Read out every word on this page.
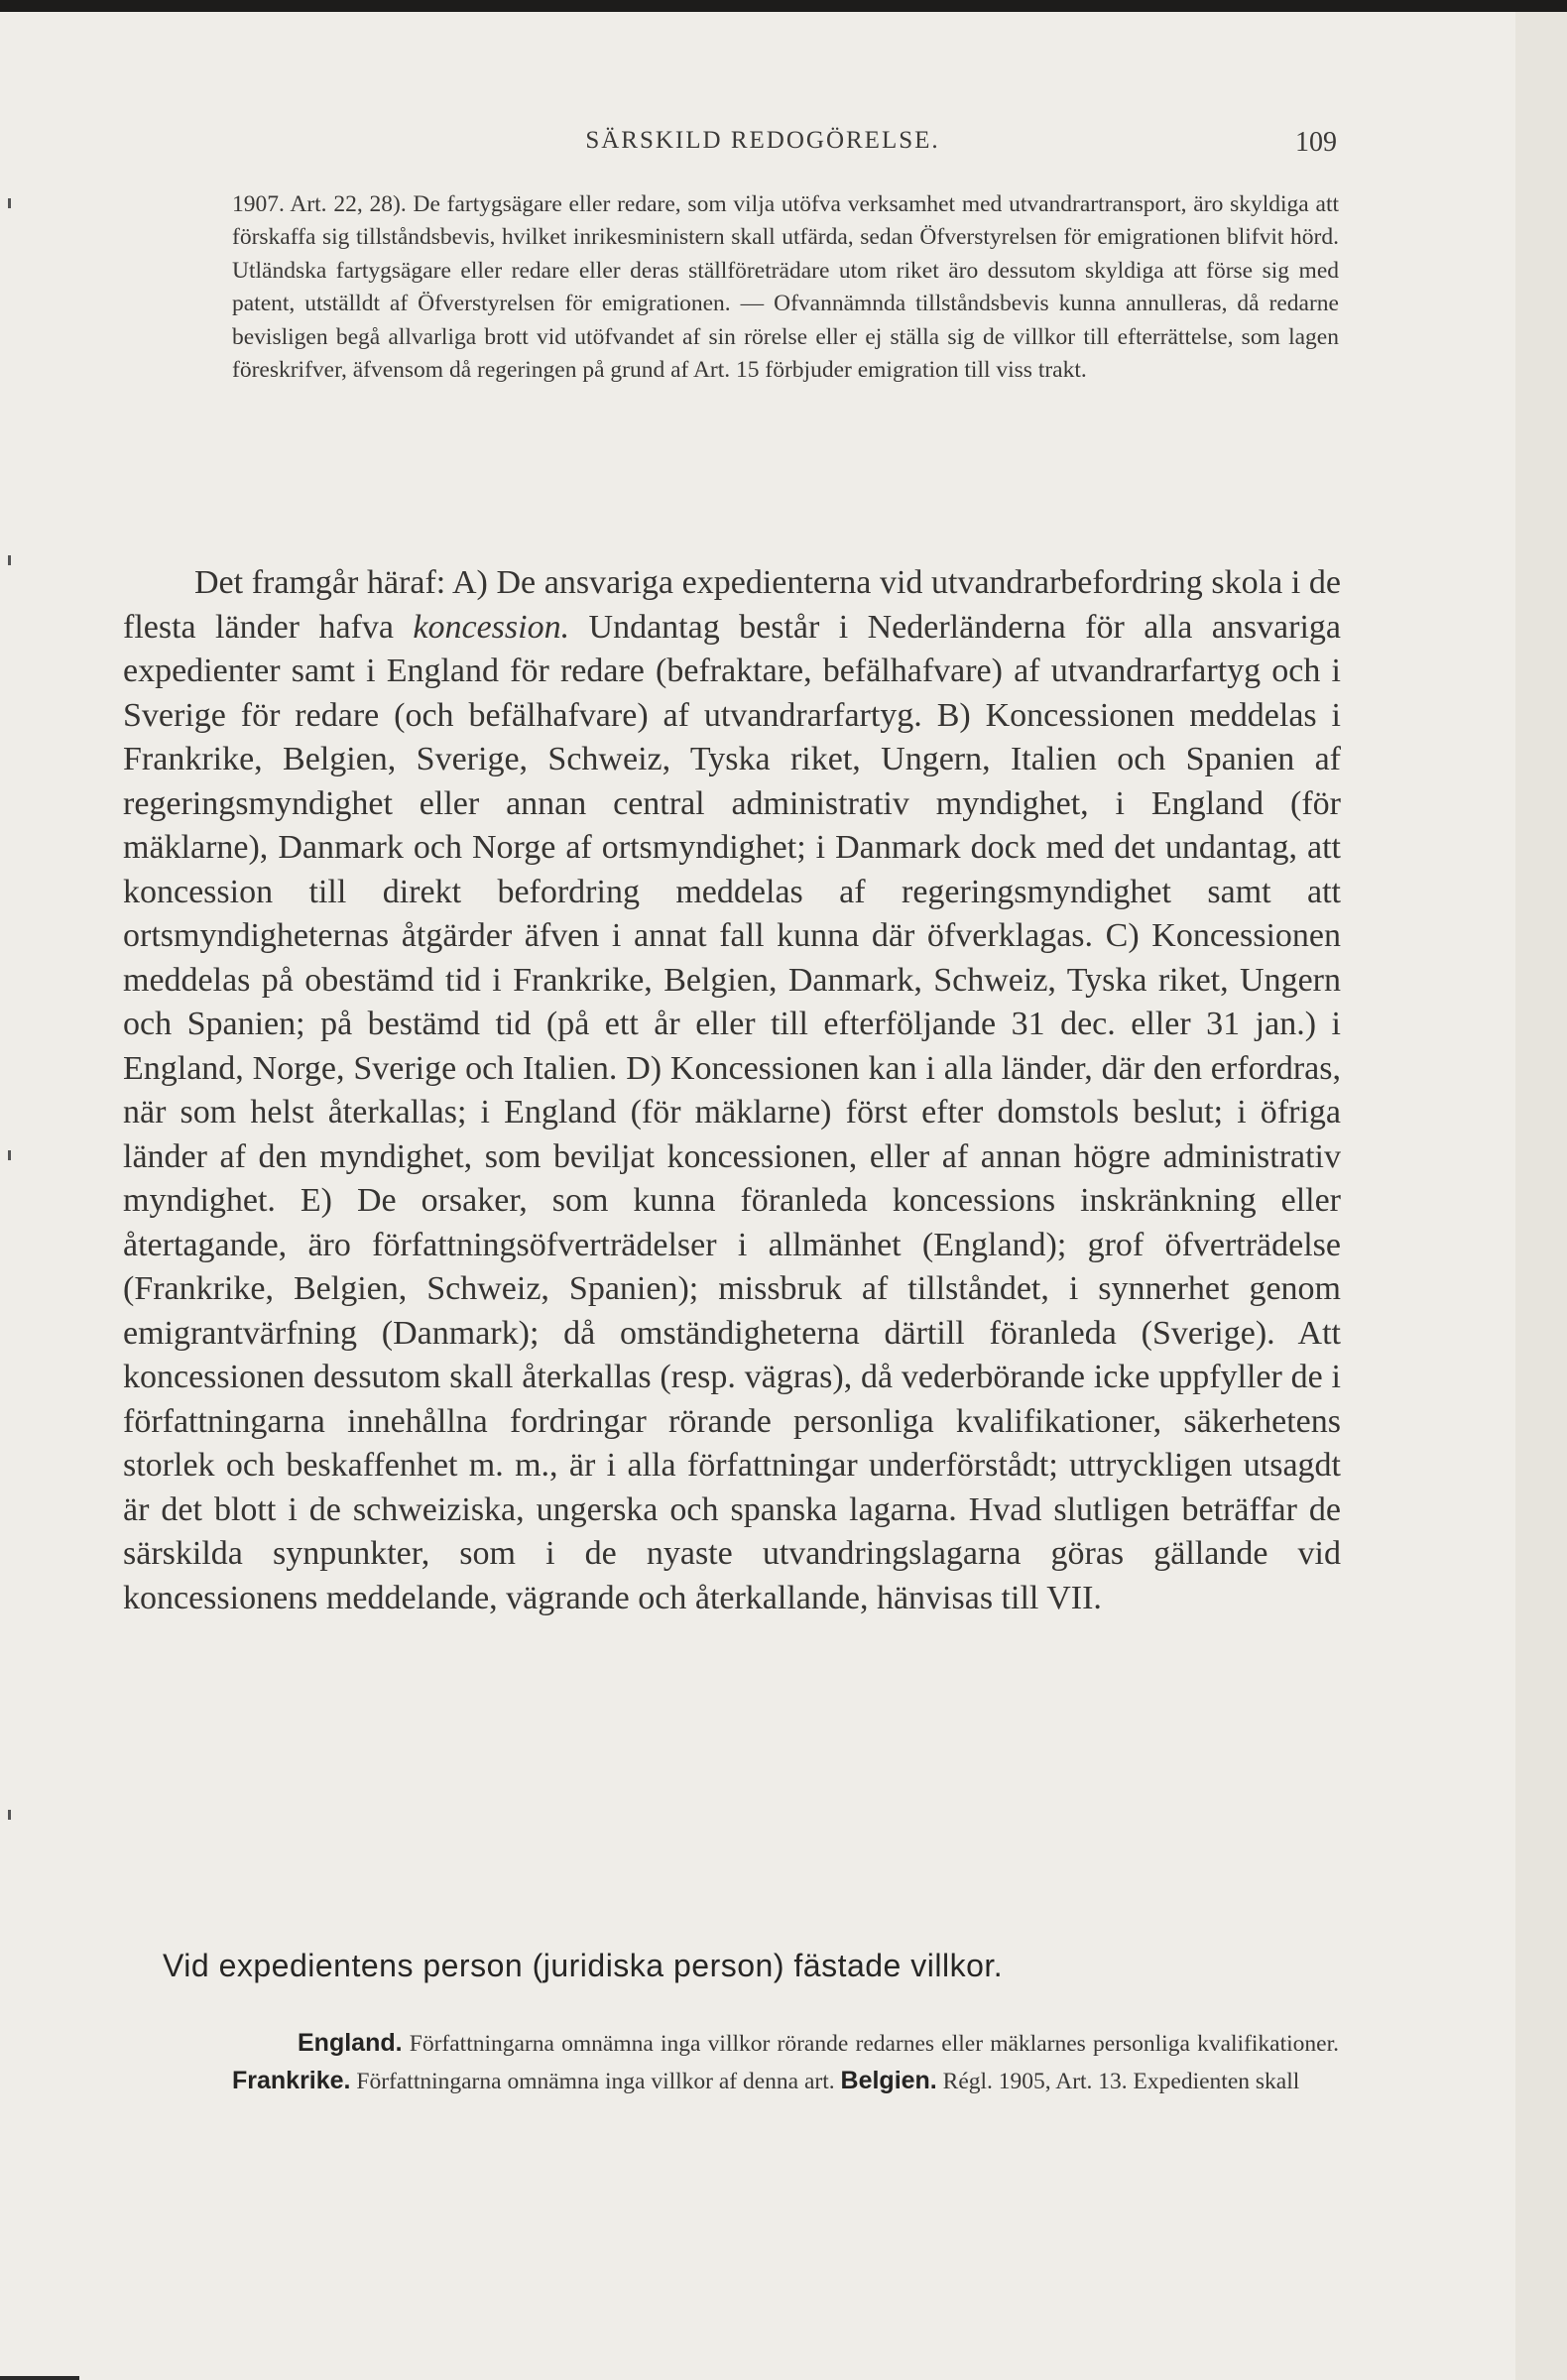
SÄRSKILD REDOGÖRELSE.	109
1907. Art. 22, 28). De fartygsägare eller redare, som vilja utöfva verksamhet med utvandrartransport, äro skyldiga att förskaffa sig tillståndsbevis, hvilket inrikesministern skall utfärda, sedan Öfverstyrelsen för emigrationen blifvit hörd. Utländska fartygsägare eller redare eller deras ställföreträdare utom riket äro dessutom skyldiga att förse sig med patent, utställdt af Öfverstyrelsen för emigrationen. — Ofvannämnda tillståndsbevis kunna annulleras, då redarne bevisligen begå allvarliga brott vid utöfvandet af sin rörelse eller ej ställa sig de villkor till efterrättelse, som lagen föreskrifver, äfvensom då regeringen på grund af Art. 15 förbjuder emigration till viss trakt.
Det framgår häraf: A) De ansvariga expedienterna vid utvandrarbefordring skola i de flesta länder hafva koncession. Undantag består i Nederländerna för alla ansvariga expedienter samt i England för redare (befraktare, befälhafvare) af utvandrarfartyg och i Sverige för redare (och befälhafvare) af utvandrarfartyg. B) Koncessionen meddelas i Frankrike, Belgien, Sverige, Schweiz, Tyska riket, Ungern, Italien och Spanien af regeringsmyndighet eller annan central administrativ myndighet, i England (för mäklarne), Danmark och Norge af ortsmyndighet; i Danmark dock med det undantag, att koncession till direkt befordring meddelas af regeringsmyndighet samt att ortsmyndigheternas åtgärder äfven i annat fall kunna där öfverklagas. C) Koncessionen meddelas på obestämd tid i Frankrike, Belgien, Danmark, Schweiz, Tyska riket, Ungern och Spanien; på bestämd tid (på ett år eller till efterföljande 31 dec. eller 31 jan.) i England, Norge, Sverige och Italien. D) Koncessionen kan i alla länder, där den erfordras, när som helst återkallas; i England (för mäklarne) först efter domstols beslut; i öfriga länder af den myndighet, som beviljat koncessionen, eller af annan högre administrativ myndighet. E) De orsaker, som kunna föranleda koncessions inskränkning eller återtagande, äro författningsöfverträdelser i allmänhet (England); grof öfverträdelse (Frankrike, Belgien, Schweiz, Spanien); missbruk af tillståndet, i synnerhet genom emigrantvärfning (Danmark); då omständigheterna därtill föranleda (Sverige). Att koncessionen dessutom skall återkallas (resp. vägras), då vederbörande icke uppfyller de i författningarna innehållna fordringar rörande personliga kvalifikationer, säkerhetens storlek och beskaffenhet m. m., är i alla författningar underförstådt; uttryckligen utsagdt är det blott i de schweiziska, ungerska och spanska lagarna. Hvad slutligen beträffar de särskilda synpunkter, som i de nyaste utvandringslagarna göras gällande vid koncessionens meddelande, vägrande och återkallande, hänvisas till VII.
Vid expedientens person (juridiska person) fästade villkor.
England. Författningarna omnämna inga villkor rörande redarnes eller mäklarnes personliga kvalifikationer. Frankrike. Författningarna omnämna inga villkor af denna art. Belgien. Régl. 1905, Art. 13. Expedienten skall
